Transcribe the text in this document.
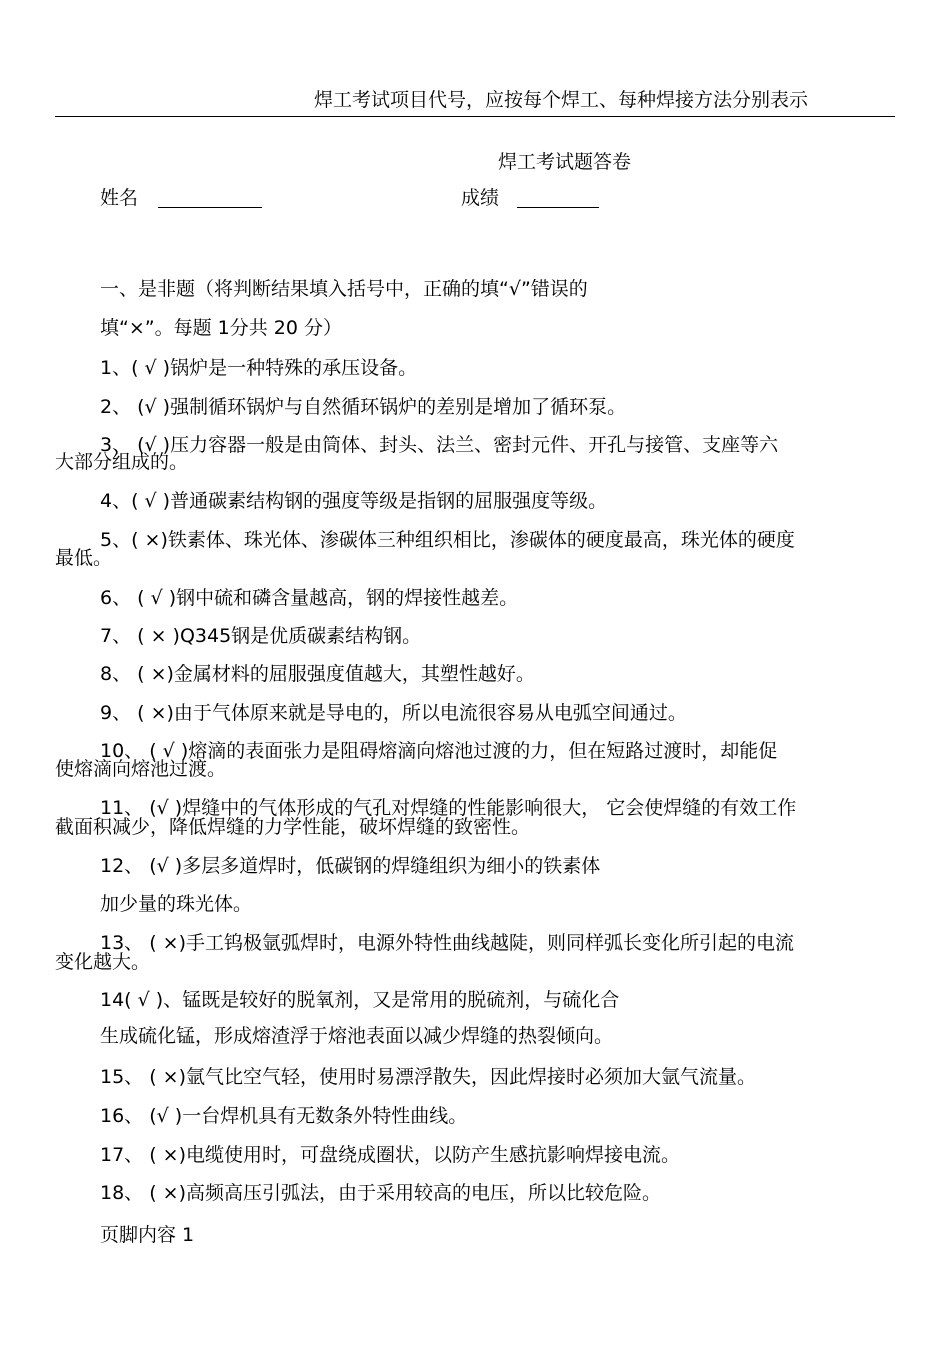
焊工考试项目代号，应按每个焊工、每种焊接方法分别表示
焊工考试题答卷
姓名	成绩
一、是非题（将判断结果填入括号中，正确的填“√”错误的
填“×”。每题 1分共 20 分）
1、( √ )锅炉是一种特殊的承压设备。
2、 (√ )强制循环锅炉与自然循环锅炉的差别是增加了循环泵。
3、 (√ )压力容器一般是由筒体、封头、法兰、密封元件、开孔与接管、支座等六
大部分组成的。
4、( √ )普通碳素结构钢的强度等级是指钢的屈服强度等级。
5、( ×)铁素体、珠光体、渗碳体三种组织相比，渗碳体的硬度最高，珠光体的硬度
最低。
6、 ( √ )钢中硫和磷含量越高，钢的焊接性越差。
7、 ( × )Q345钢是优质碳素结构钢。
8、 ( ×)金属材料的屈服强度值越大，其塑性越好。
9、 ( ×)由于气体原来就是导电的，所以电流很容易从电弧空间通过。
10、 ( √ )熔滴的表面张力是阻碍熔滴向熔池过渡的力，但在短路过渡时，却能促
使熔滴向熔池过渡。
11、 (√ )焊缝中的气体形成的气孔对焊缝的性能影响很大， 它会使焊缝的有效工作
截面积减少，降低焊缝的力学性能，破坏焊缝的致密性。
12、 (√ )多层多道焊时，低碳钢的焊缝组织为细小的铁素体
加少量的珠光体。
13、 ( ×)手工钨极氩弧焊时，电源外特性曲线越陡，则同样弧长变化所引起的电流
变化越大。
14( √ )、锰既是较好的脱氧剂，又是常用的脱硫剂，与硫化合
生成硫化锰，形成熔渣浮于熔池表面以减少焊缝的热裂倾向。
15、 ( ×)氩气比空气轻，使用时易漂浮散失，因此焊接时必须加大氩气流量。
16、 (√ )一台焊机具有无数条外特性曲线。
17、 ( ×)电缆使用时，可盘绕成圈状，以防产生感抗影响焊接电流。
18、 ( ×)高频高压引弧法，由于采用较高的电压，所以比较危险。
页脚内容 1
